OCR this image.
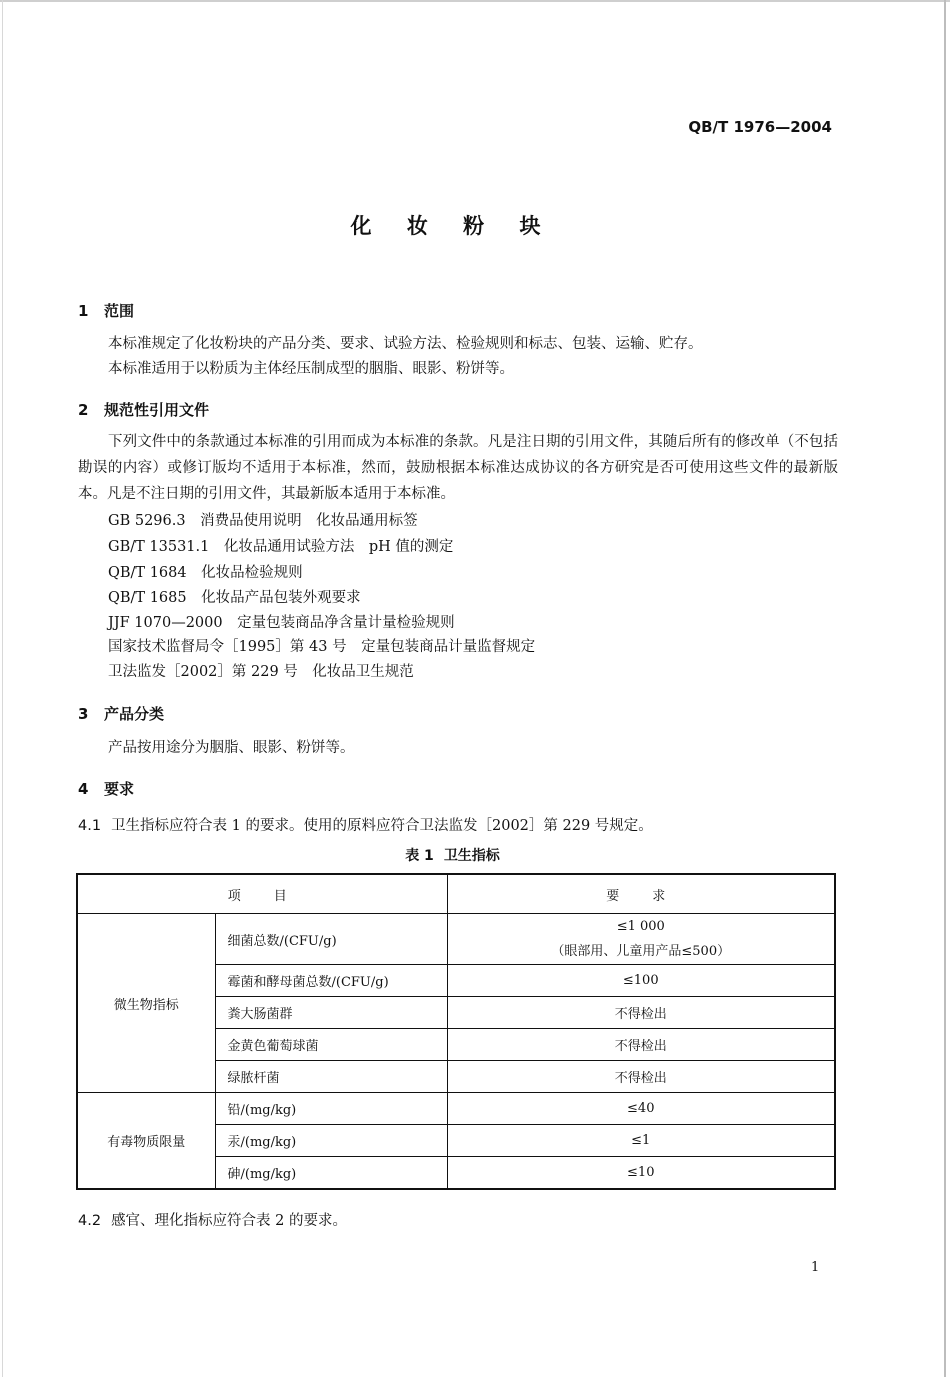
QB/T 1976—2004
化 妆 粉 块
1 范围
本标准规定了化妆粉块的产品分类、要求、试验方法、检验规则和标志、包装、运输、贮存。
本标准适用于以粉质为主体经压制成型的胭脂、眼影、粉饼等。
2 规范性引用文件
下列文件中的条款通过本标准的引用而成为本标准的条款。凡是注日期的引用文件，其随后所有的修改单（不包括勘误的内容）或修订版均不适用于本标准，然而，鼓励根据本标准达成协议的各方研究是否可使用这些文件的最新版本。凡是不注日期的引用文件，其最新版本适用于本标准。
GB 5296.3　消费品使用说明　化妆品通用标签
GB/T 13531.1　化妆品通用试验方法　pH 值的测定
QB/T 1684　化妆品检验规则
QB/T 1685　化妆品产品包装外观要求
JJF 1070—2000　定量包装商品净含量计量检验规则
国家技术监督局令［1995］第 43 号　定量包装商品计量监督规定
卫法监发［2002］第 229 号　化妆品卫生规范
3 产品分类
产品按用途分为胭脂、眼影、粉饼等。
4 要求
4.1 卫生指标应符合表 1 的要求。使用的原料应符合卫法监发［2002］第 229 号规定。
表 1 卫生指标
项　目		要　求
微生物指标	细菌总数/(CFU/g)	≤1 000
（眼部用、儿童用产品≤500）

	霉菌和酵母菌总数/(CFU/g)	≤100
	粪大肠菌群	不得检出
	金黄色葡萄球菌	不得检出
	绿脓杆菌	不得检出
有毒物质限量	铅/(mg/kg)	≤40
	汞/(mg/kg)	≤1
	砷/(mg/kg)	≤10
4.2 感官、理化指标应符合表 2 的要求。
1
